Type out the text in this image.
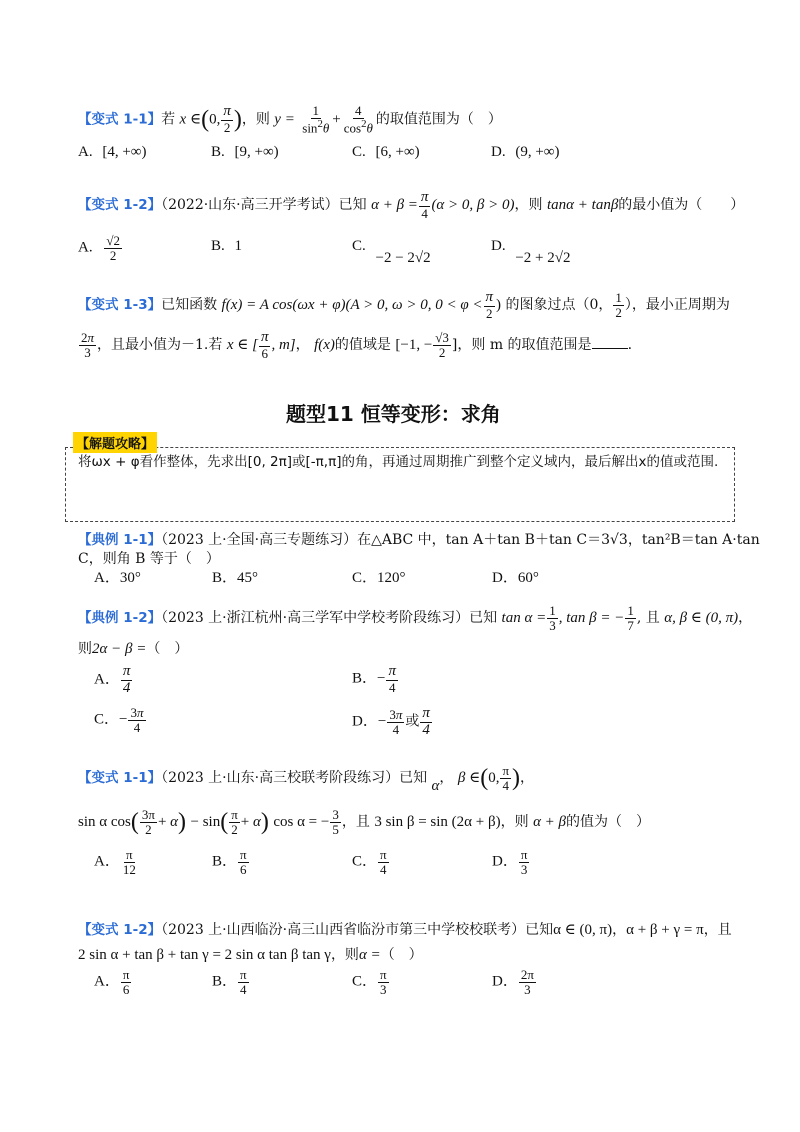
【变式 1-1】若 x ∈(0, $\frac{\pi}{2}$ )，则 $y = \frac{1}{\sin^2\theta} + \frac{4}{\cos^2\theta}$ 的取值范围为（　）
A. [4, +∞)	B. [9, +∞)	C. [6, +∞)	D. (9, +∞)
【变式 1-2】（2022·山东·高三开学考试）已知 $\alpha + \beta = \frac{\pi}{4} (\alpha > 0$, β > 0)，则 tanα + tanβ的最小值为（　　）
A. $\frac{√2}{2}$	B. 1	C. −2 − 2√2
D. −2 + 2√2
【变式 1-3】已知函数 f(x) = A cos(ωx + φ)(A > 0, ω > 0, $0 < \varphi < \frac{\pi}{2}$ ) 的图象过点（0， $\frac{1}{2}$ ），最小正周期为
$\frac{2\pi}{3}$ ，且最小值为－1.若 x ∈ [ $\frac{\pi}{6}$ , m]， f(x)的值域是 [−1, − $\frac{√3}{2}$ ]，则 m 的取值范围是	.
题型11 恒等变形：求角
【解题攻略】
将ωx + φ看作整体，先求出[0, 2π]或[-π,π]的角，再通过周期推广到整个定义域内，最后解出x的值或范围.
【典例 1-1】（2023 上·全国·高三专题练习）在△ABC 中，tan A＋tan B＋tan C＝3√3，tan²B＝tan A·tan
C，则角 B 等于（　）
A．30°	B．45°	C．120°	D．60°
【典例 1-2】（2023 上·浙江杭州·高三学军中学校考阶段练习）已知 $\tan \alpha = \frac{1}{3}$ , tan β = − $\frac{1}{7}$ , 且 α, β ∈ (0, π)，
则2α − β =（　）
A． $\frac{\pi}{4}$	B．− $\frac{\pi}{4}$
C．− $\frac{3\pi}{4}$	D．− $\frac{3\pi}{4}$ 或 $\frac{\pi}{4}$
【变式 1-1】（2023 上·山东·高三校联考阶段练习）已知 α， β ∈(0, $\frac{\pi}{4}$ )，
sin α $\cos( \frac{3\pi}{2} + \alpha) - \sin( \frac{\pi}{2} + \alpha)$ cos α = − $\frac{3}{5}$ ，且 3 sin β = sin (2α + β)，则 α + β的值为（　）
A． $\frac{\pi}{12}$	B． $\frac{\pi}{6}$	C． $\frac{\pi}{4}$	D． $\frac{\pi}{3}$
【变式 1-2】（2023 上·山西临汾·高三山西省临汾市第三中学校校联考）已知α ∈ (0, π)，α + β + γ = π，且
2 sin α + tan β + tan γ = 2 sin α tan β tan γ，则α =（　）
A． $\frac{\pi}{6}$	B． $\frac{\pi}{4}$	C． $\frac{\pi}{3}$	D． $\frac{2\pi}{3}$
